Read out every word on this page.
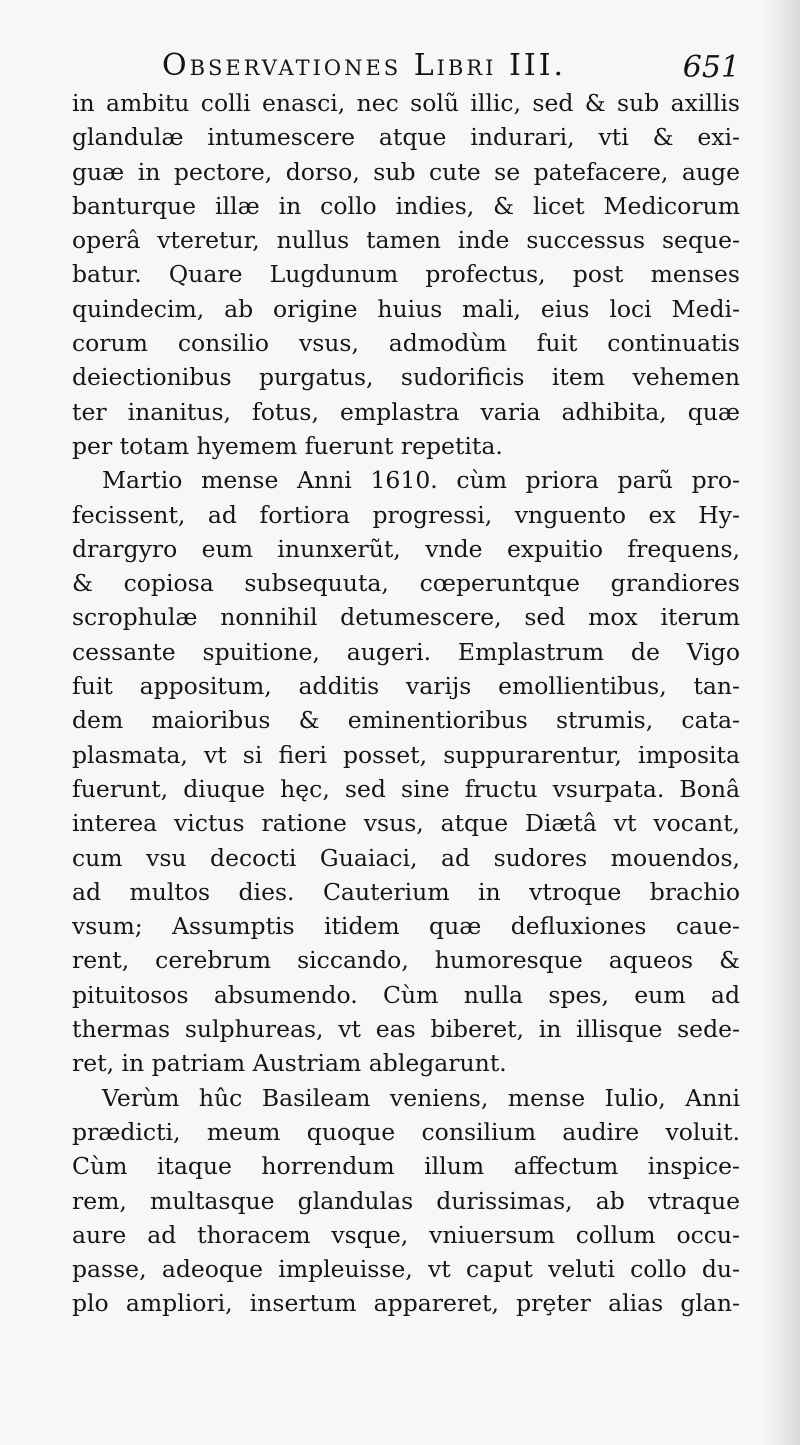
Observationes Libri III.	651
in ambitu colli enasci, nec solũ illic, sed & sub axillis
glandulæ intumescere atque indurari, vti & exi-
guæ in pectore, dorso, sub cute se patefacere, auge
banturque illæ in collo indies, & licet Medicorum
operâ vteretur, nullus tamen inde successus seque-
batur. Quare Lugdunum profectus, post menses
quindecim, ab origine huius mali, eius loci Medi-
corum consilio vsus, admodùm fuit continuatis
deiectionibus purgatus, sudorificis item vehemen
ter inanitus, fotus, emplastra varia adhibita, quæ
per totam hyemem fuerunt repetita.
Martio mense Anni 1610. cùm priora parũ pro-
fecissent, ad fortiora progressi, vnguento ex Hy-
drargyro eum inunxerũt, vnde expuitio frequens,
& copiosa subsequuta, cœperuntque grandiores
scrophulæ nonnihil detumescere, sed mox iterum
cessante spuitione, augeri. Emplastrum de Vigo
fuit appositum, additis varijs emollientibus, tan-
dem maioribus & eminentioribus strumis, cata-
plasmata, vt si fieri posset, suppurarentur, imposita
fuerunt, diuque hęc, sed sine fructu vsurpata. Bonâ
interea victus ratione vsus, atque Diætâ vt vocant,
cum vsu decocti Guaiaci, ad sudores mouendos,
ad multos dies. Cauterium in vtroque brachio
vsum; Assumptis itidem quæ defluxiones caue-
rent, cerebrum siccando, humoresque aqueos &
pituitosos absumendo. Cùm nulla spes, eum ad
thermas sulphureas, vt eas biberet, in illisque sede-
ret, in patriam Austriam ablegarunt.
Verùm hûc Basileam veniens, mense Iulio, Anni
prædicti, meum quoque consilium audire voluit.
Cùm itaque horrendum illum affectum inspice-
rem, multasque glandulas durissimas, ab vtraque
aure ad thoracem vsque, vniuersum collum occu-
passe, adeoque impleuisse, vt caput veluti collo du-
plo ampliori, insertum appareret, prȩter alias glan-
